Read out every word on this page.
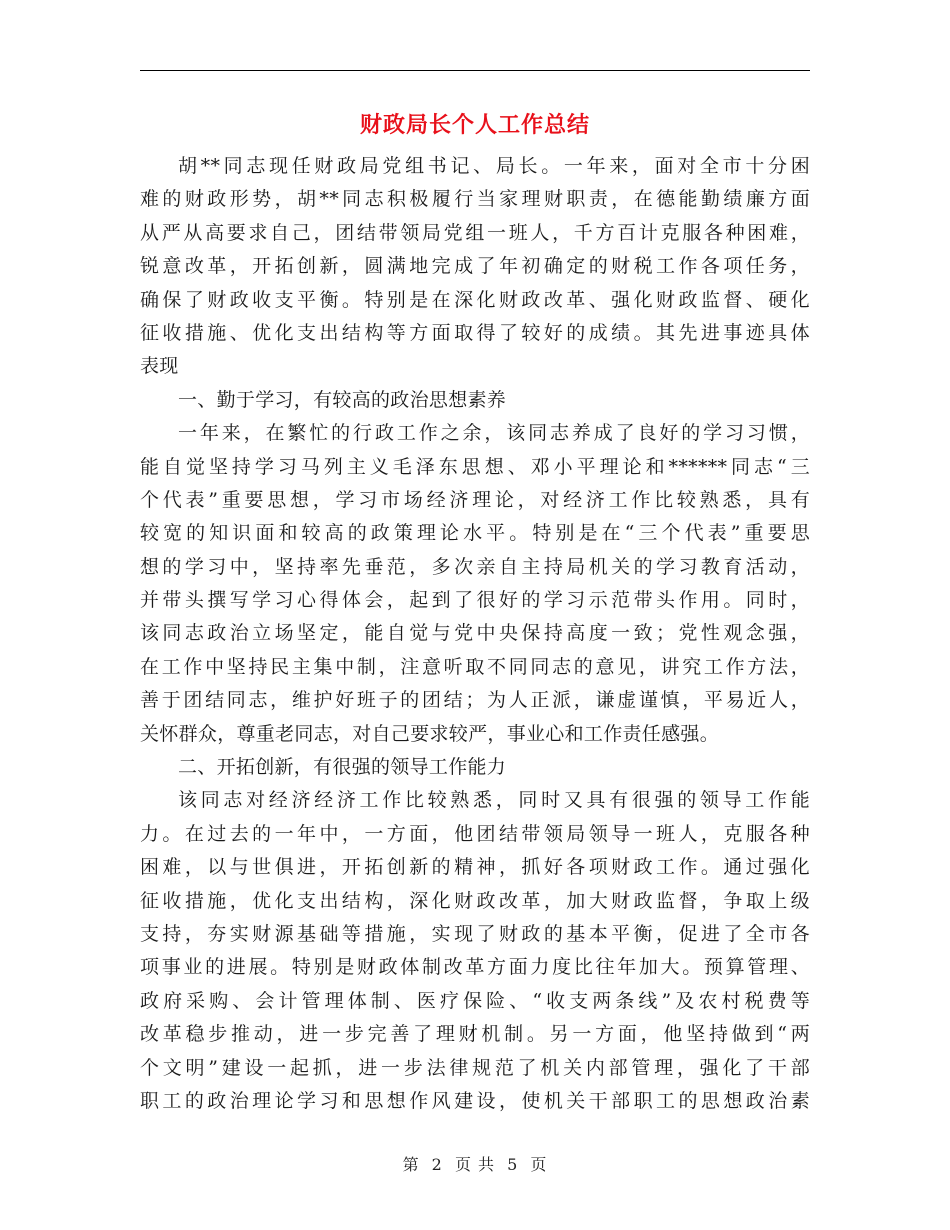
财政局长个人工作总结
胡**同志现任财政局党组书记、局长。一年来，面对全市十分困
难的财政形势，胡**同志积极履行当家理财职责，在德能勤绩廉方面
从严从高要求自己，团结带领局党组一班人，千方百计克服各种困难，
锐意改革，开拓创新，圆满地完成了年初确定的财税工作各项任务，
确保了财政收支平衡。特别是在深化财政改革、强化财政监督、硬化
征收措施、优化支出结构等方面取得了较好的成绩。其先进事迹具体
表现
一、勤于学习，有较高的政治思想素养
一年来，在繁忙的行政工作之余，该同志养成了良好的学习习惯，
能自觉坚持学习马列主义毛泽东思想、邓小平理论和******同志“三
个代表”重要思想，学习市场经济理论，对经济工作比较熟悉，具有
较宽的知识面和较高的政策理论水平。特别是在“三个代表”重要思
想的学习中，坚持率先垂范，多次亲自主持局机关的学习教育活动，
并带头撰写学习心得体会，起到了很好的学习示范带头作用。同时，
该同志政治立场坚定，能自觉与党中央保持高度一致；党性观念强，
在工作中坚持民主集中制，注意听取不同同志的意见，讲究工作方法，
善于团结同志，维护好班子的团结；为人正派，谦虚谨慎，平易近人，
关怀群众，尊重老同志，对自己要求较严，事业心和工作责任感强。
二、开拓创新，有很强的领导工作能力
该同志对经济经济工作比较熟悉，同时又具有很强的领导工作能
力。在过去的一年中，一方面，他团结带领局领导一班人，克服各种
困难，以与世俱进，开拓创新的精神，抓好各项财政工作。通过强化
征收措施，优化支出结构，深化财政改革，加大财政监督，争取上级
支持，夯实财源基础等措施，实现了财政的基本平衡，促进了全市各
项事业的进展。特别是财政体制改革方面力度比往年加大。预算管理、
政府采购、会计管理体制、医疗保险、“收支两条线”及农村税费等
改革稳步推动，进一步完善了理财机制。另一方面，他坚持做到“两
个文明”建设一起抓，进一步法律规范了机关内部管理，强化了干部
职工的政治理论学习和思想作风建设，使机关干部职工的思想政治素
第 2 页 共 5 页
